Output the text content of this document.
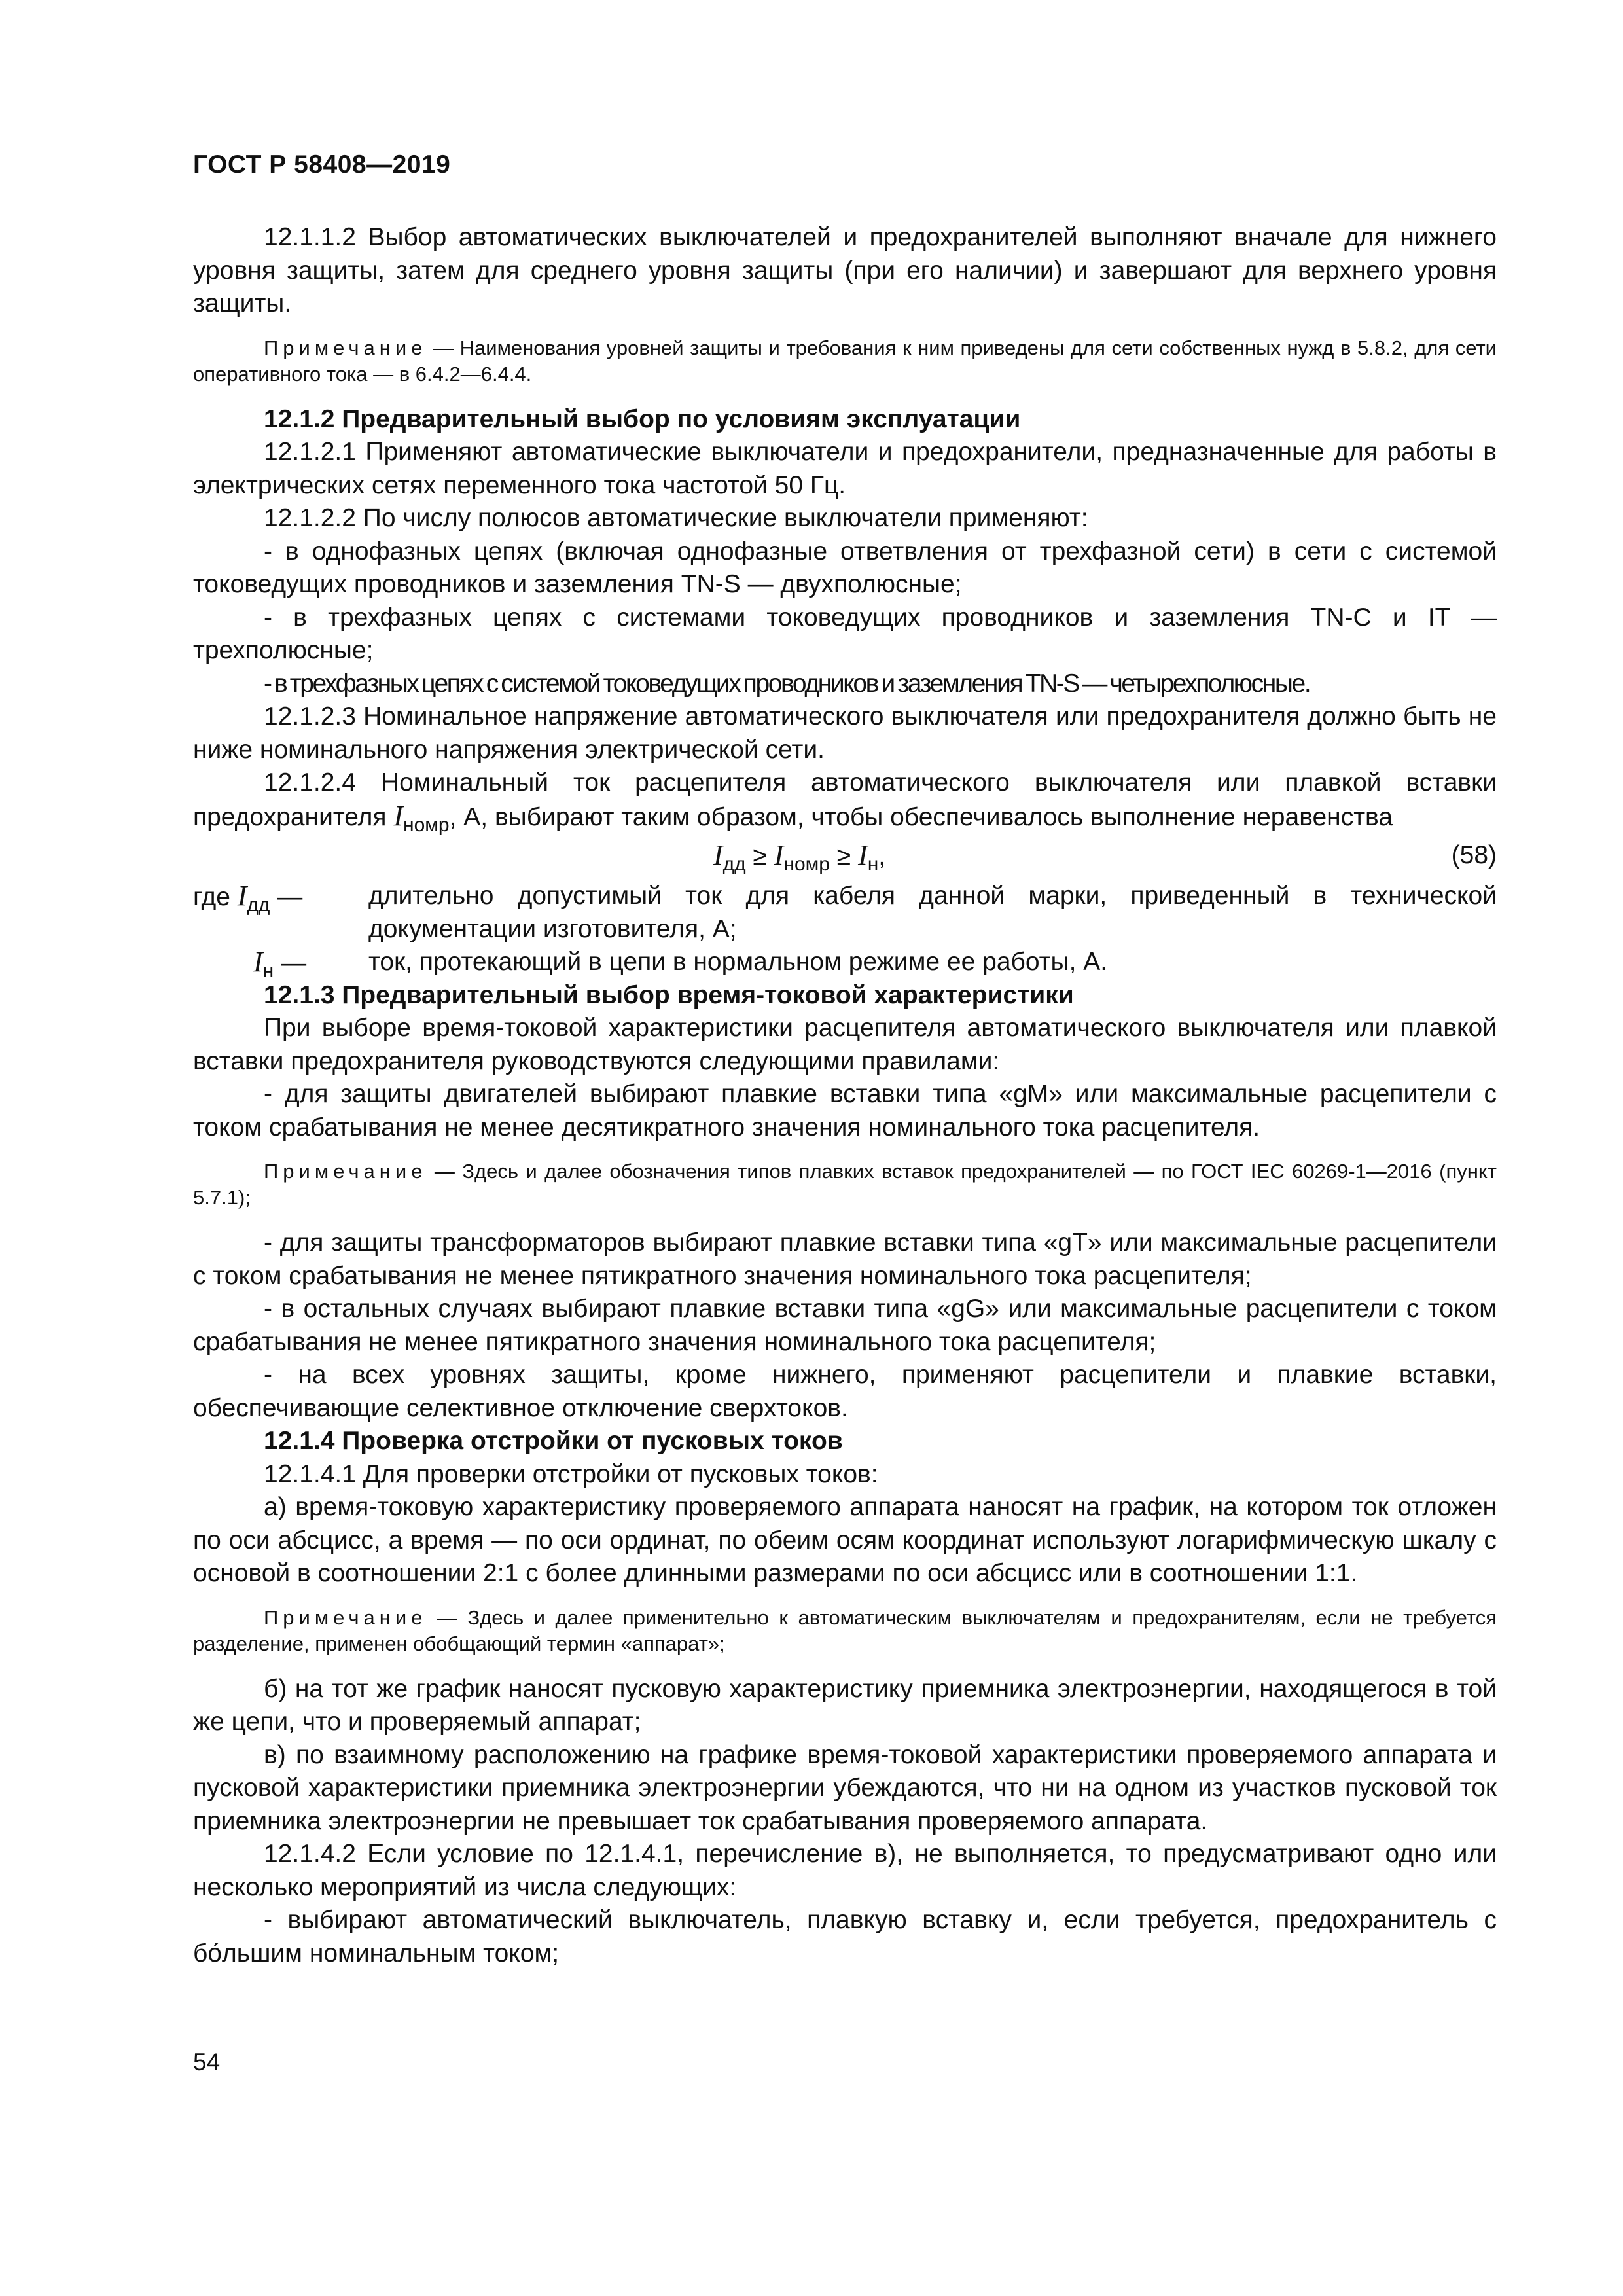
ГОСТ Р 58408—2019

12.1.1.2 Выбор автоматических выключателей и предохранителей выполняют вначале для нижнего уровня защиты, затем для среднего уровня защиты (при его наличии) и завершают для верхнего уровня защиты.

Примечание — Наименования уровней защиты и требования к ним приведены для сети собственных нужд в 5.8.2, для сети оперативного тока — в 6.4.2—6.4.4.

12.1.2 Предварительный выбор по условиям эксплуатации

12.1.2.1 Применяют автоматические выключатели и предохранители, предназначенные для работы в электрических сетях переменного тока частотой 50 Гц.

12.1.2.2 По числу полюсов автоматические выключатели применяют:

- в однофазных цепях (включая однофазные ответвления от трехфазной сети) в сети с системой токоведущих проводников и заземления TN-S — двухполюсные;

- в трехфазных цепях с системами токоведущих проводников и заземления TN-C и IT — трехполюсные;

- в трехфазных цепях с системой токоведущих проводников и заземления TN-S — четырехполюсные.

12.1.2.3 Номинальное напряжение автоматического выключателя или предохранителя должно быть не ниже номинального напряжения электрической сети.

12.1.2.4 Номинальный ток расцепителя автоматического выключателя или плавкой вставки предохранителя $I_{номр}$, А, выбирают таким образом, чтобы обеспечивалось выполнение неравенства

$I_{дд} \ge I_{номр} \ge I_н$,	(58)
где $I_{дд}$ —	длительно допустимый ток для кабеля данной марки, приведенный в технической документации изготовителя, А;
$I_н$ — ток, протекающий в цепи в нормальном режиме ее работы, А.

12.1.3 Предварительный выбор время-токовой характеристики

При выборе время-токовой характеристики расцепителя автоматического выключателя или плавкой вставки предохранителя руководствуются следующими правилами:

- для защиты двигателей выбирают плавкие вставки типа «gM» или максимальные расцепители с током срабатывания не менее десятикратного значения номинального тока расцепителя.

Примечание — Здесь и далее обозначения типов плавких вставок предохранителей — по ГОСТ IEC 60269-1—2016 (пункт 5.7.1);

- для защиты трансформаторов выбирают плавкие вставки типа «gT» или максимальные расцепители с током срабатывания не менее пятикратного значения номинального тока расцепителя;

- в остальных случаях выбирают плавкие вставки типа «gG» или максимальные расцепители с током срабатывания не менее пятикратного значения номинального тока расцепителя;

- на всех уровнях защиты, кроме нижнего, применяют расцепители и плавкие вставки, обеспечивающие селективное отключение сверхтоков.

12.1.4 Проверка отстройки от пусковых токов

12.1.4.1 Для проверки отстройки от пусковых токов:

а) время-токовую характеристику проверяемого аппарата наносят на график, на котором ток отложен по оси абсцисс, а время — по оси ординат, по обеим осям координат используют логарифмическую шкалу с основой в соотношении 2:1 с более длинными размерами по оси абсцисс или в соотношении 1:1.

Примечание — Здесь и далее применительно к автоматическим выключателям и предохранителям, если не требуется разделение, применен обобщающий термин «аппарат»;

б) на тот же график наносят пусковую характеристику приемника электроэнергии, находящегося в той же цепи, что и проверяемый аппарат;

в) по взаимному расположению на графике время-токовой характеристики проверяемого аппарата и пусковой характеристики приемника электроэнергии убеждаются, что ни на одном из участков пусковой ток приемника электроэнергии не превышает ток срабатывания проверяемого аппарата.

12.1.4.2 Если условие по 12.1.4.1, перечисление в), не выполняется, то предусматривают одно или несколько мероприятий из числа следующих:

- выбирают автоматический выключатель, плавкую вставку и, если требуется, предохранитель с бо́льшим номинальным током;

54
